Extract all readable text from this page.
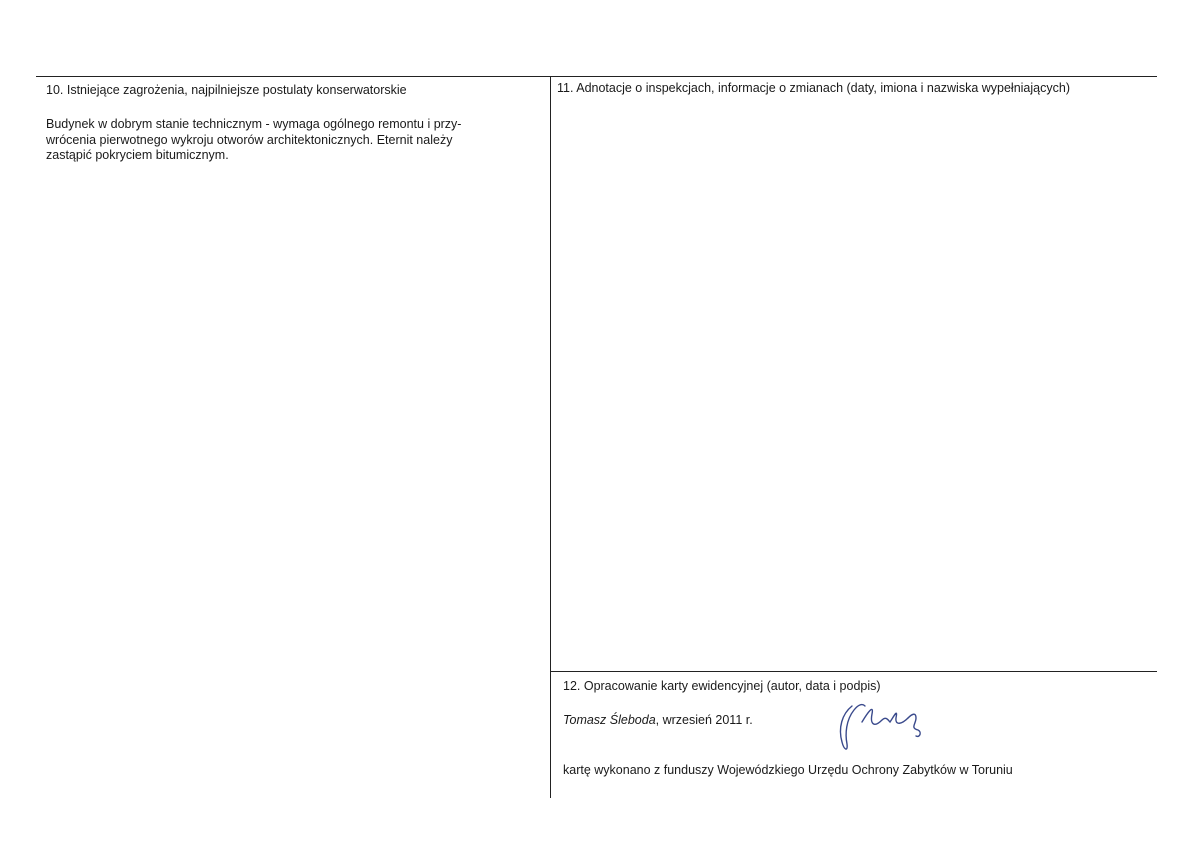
10. Istniejące zagrożenia, najpilniejsze postulaty konserwatorskie
Budynek w dobrym stanie technicznym - wymaga ogólnego remontu i przy-
wrócenia pierwotnego wykroju otworów architektonicznych. Eternit należy
zastąpić pokryciem bitumicznym.
11. Adnotacje o inspekcjach, informacje o zmianach (daty, imiona i nazwiska wypełniających)
12. Opracowanie karty ewidencyjnej (autor, data i podpis)
Tomasz Śleboda, wrzesień 2011 r.
kartę wykonano z funduszy Wojewódzkiego Urzędu Ochrony Zabytków w Toruniu
